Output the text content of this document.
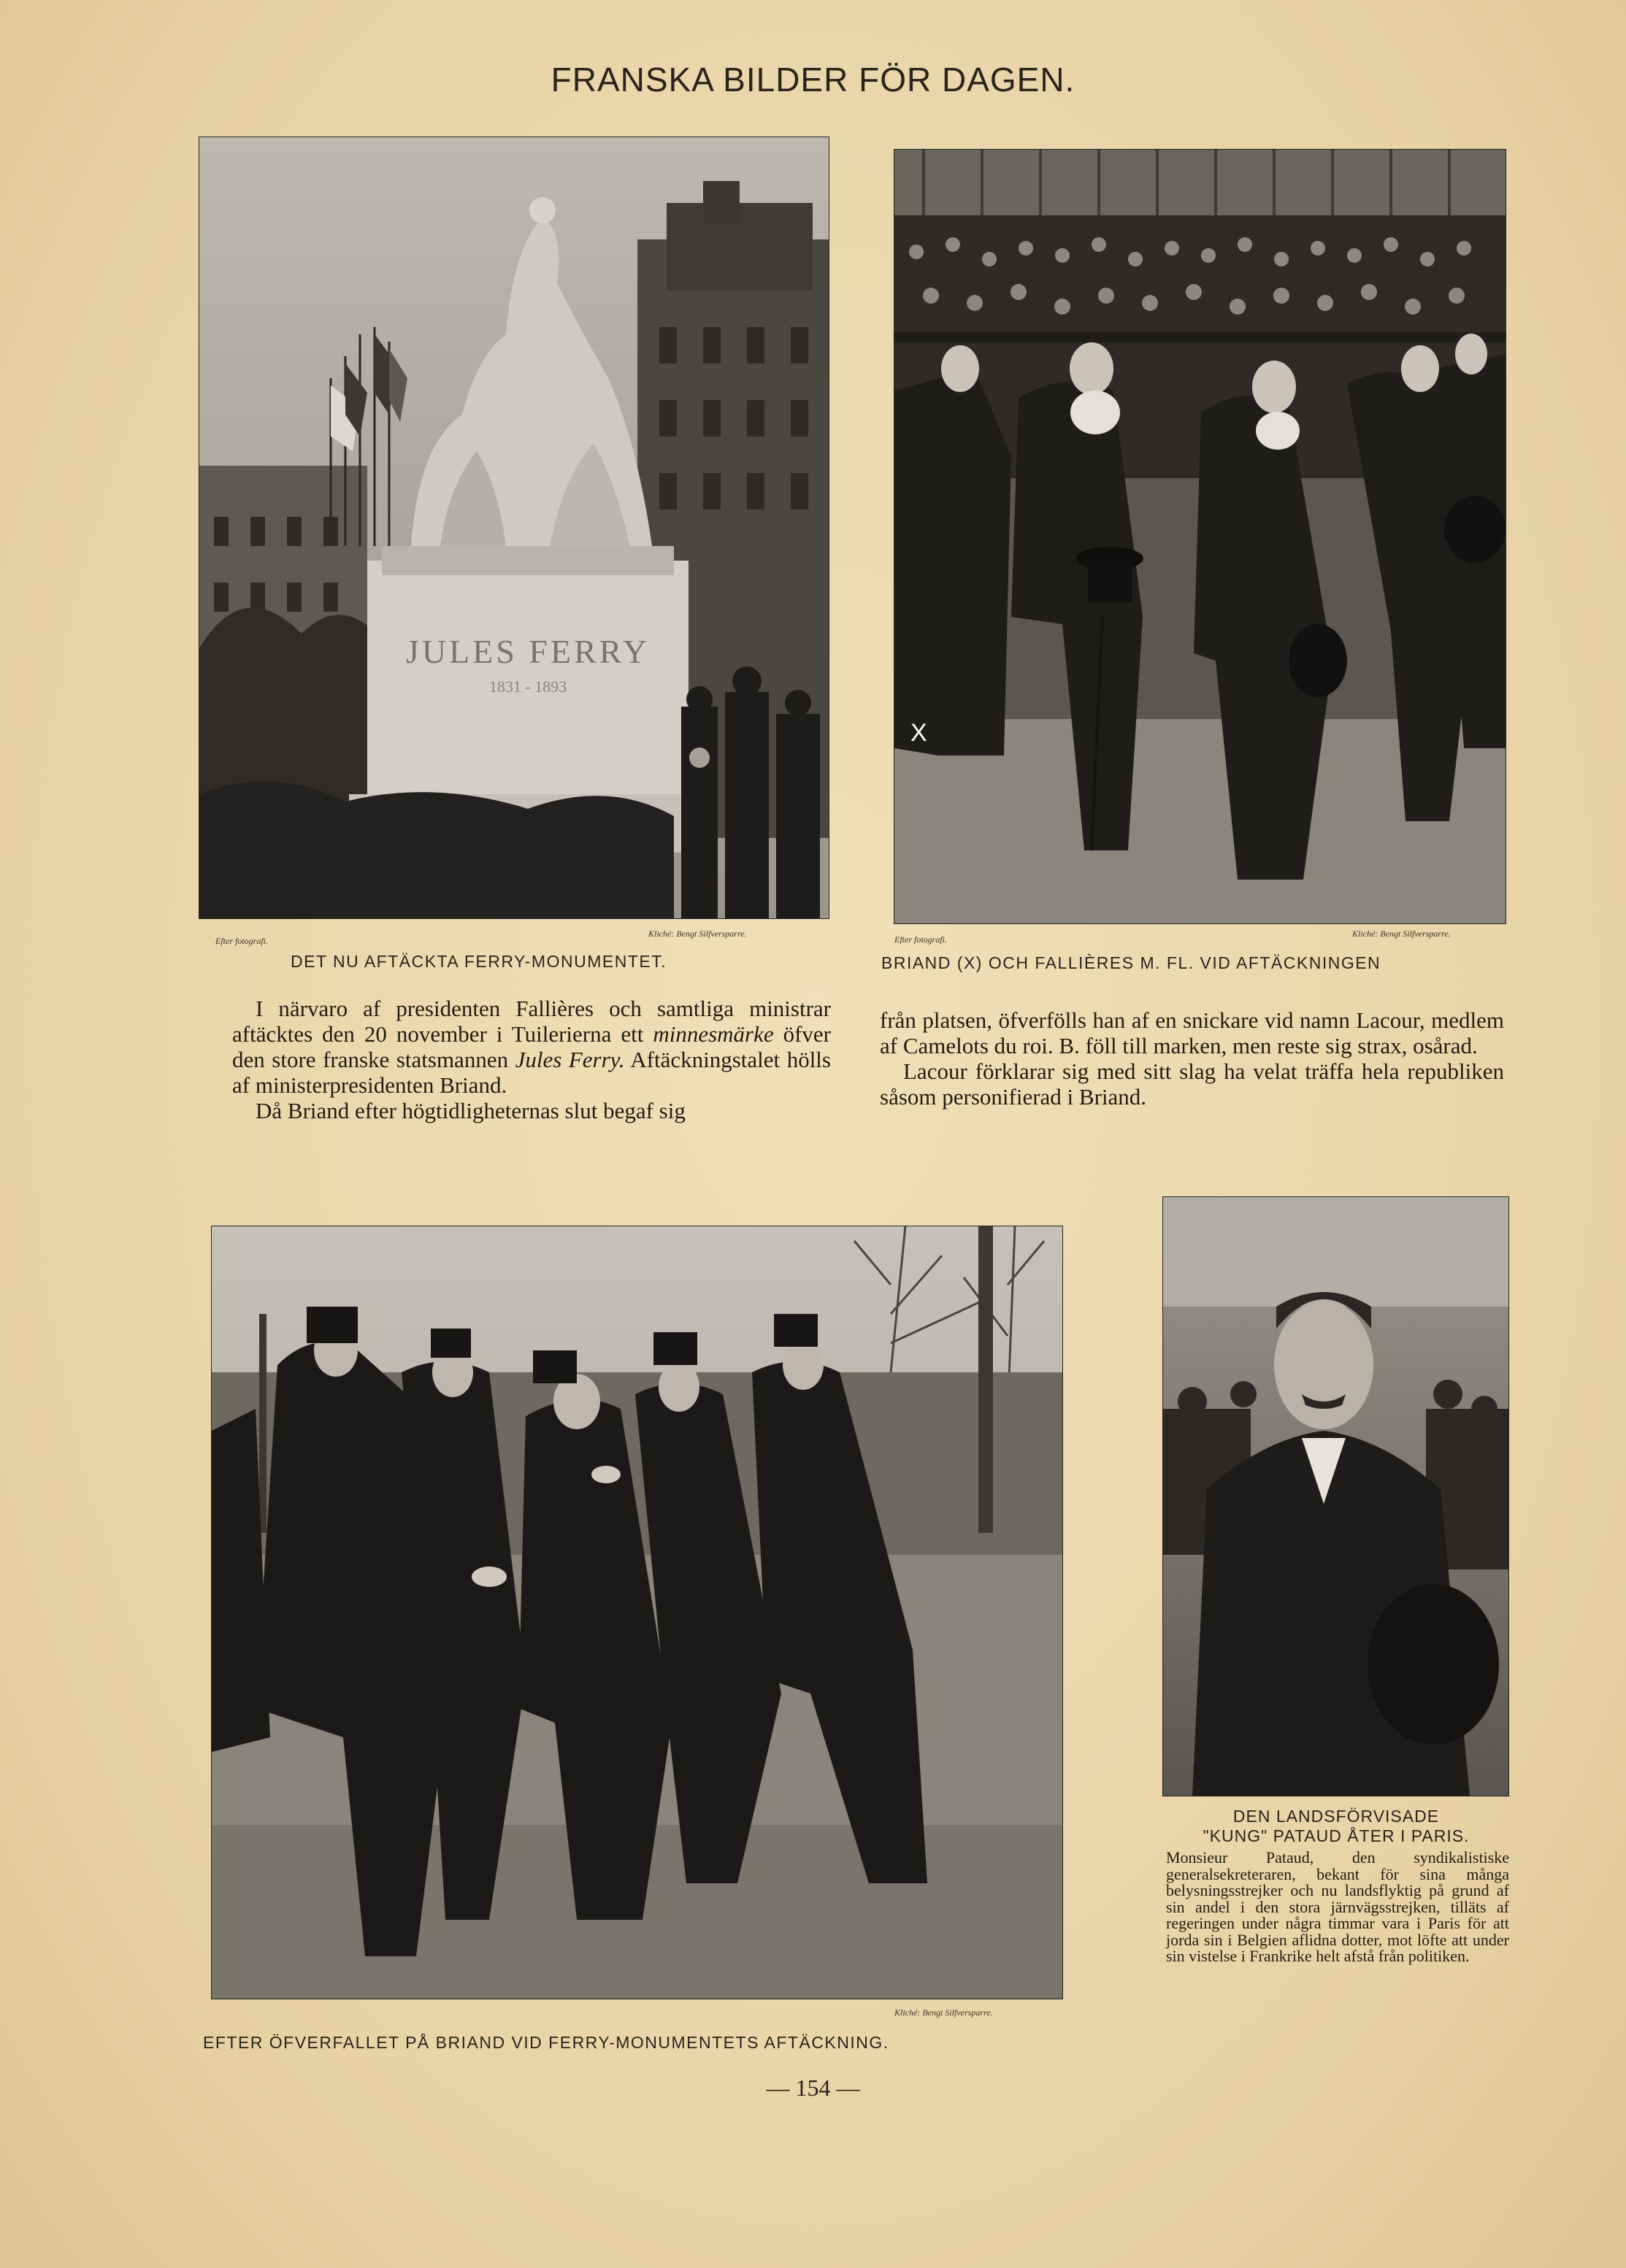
FRANSKA BILDER FÖR DAGEN.
JULES FERRY
1831 - 1893
Efter fotografi.
Kliché: Bengt Silfversparre.
DET NU AFTÄCKTA FERRY-MONUMENTET.
X
Efter fotografi.
Kliché: Bengt Silfversparre.
BRIAND (X) OCH FALLIÈRES M. FL. VID AFTÄCKNINGEN

I närvaro af presidenten Fallières och samtliga ministrar aftäcktes den 20 november i Tuilerierna ett minnesmärke öfver den store franske statsmannen Jules Ferry. Aftäckningstalet hölls af ministerpresidenten Briand.

Då Briand efter högtidligheternas slut begaf sig

från platsen, öfverfölls han af en snickare vid namn Lacour, medlem af Camelots du roi. B. föll till marken, men reste sig strax, osårad.

Lacour förklarar sig med sitt slag ha velat träffa hela republiken såsom personifierad i Briand.

Kliché: Bengt Silfversparre.
EFTER ÖFVERFALLET PÅ BRIAND VID FERRY-MONUMENTETS AFTÄCKNING.
DEN LANDSFÖRVISADE
"KUNG" PATAUD ÅTER I PARIS.
Monsieur Pataud, den syndikalistiske generalsekreteraren, bekant för sina många belysningsstrejker och nu landsflyktig på grund af sin andel i den stora järnvägsstrejken, tilläts af regeringen under några timmar vara i Paris för att jorda sin i Belgien aflidna dotter, mot löfte att under sin vistelse i Frankrike helt afstå från politiken.
— 154 —
